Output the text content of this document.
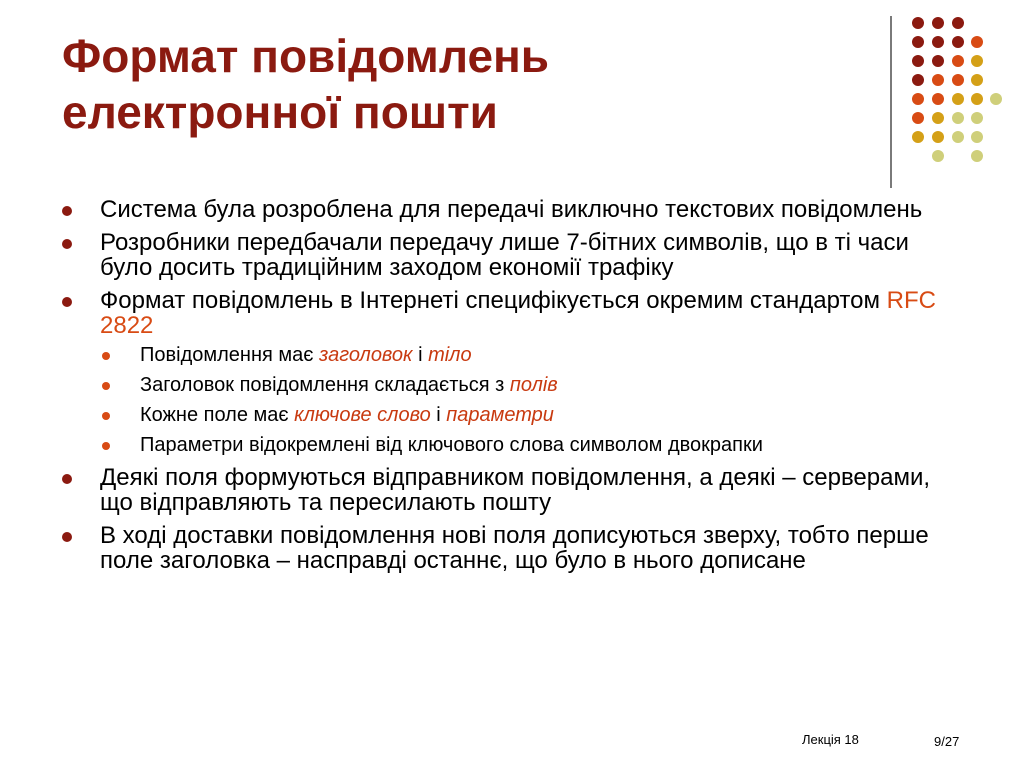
Формат повідомлень
електронної пошти
Система була розроблена для передачі виключно текстових повідомлень
Розробники передбачали передачу лише 7-бітних символів, що в ті часи було досить традиційним заходом економії трафіку
Формат повідомлень в Інтернеті специфікується окремим стандартом RFC 2822
Повідомлення має заголовок і тіло
Заголовок повідомлення складається з полів
Кожне поле має ключове слово і параметри
Параметри відокремлені від ключового слова символом двокрапки
Деякі поля формуються відправником повідомлення, а деякі – серверами, що відправляють та пересилають пошту
В ході доставки повідомлення нові поля дописуються зверху, тобто перше поле заголовка – насправді останнє, що було в нього дописане
Лекція 18	9/27
